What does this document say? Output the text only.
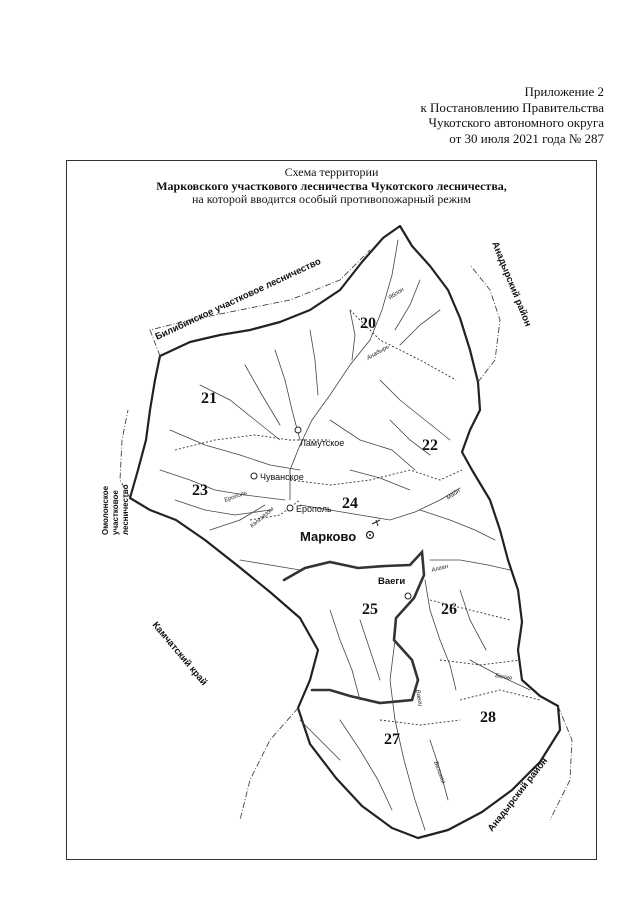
Приложение 2
к Постановлению Правительства
Чукотского автономного округа
от 30 июля 2021 года № 287
Схема территории
Марковского участкового лесничества Чукотского лесничества,
на которой вводится особый противопожарный режим
Билибинское участковое лесничество	Анадырский район
Омолонское участковое лесничество
Камчатский край
Анадырский район
20
21
22
23
24
25	26
27
28
Ламутское
Чуванское
Ерополь
Марково
Ваеги
Анадырь
Майн
Белая
Ерополь
Великая
Алган
Ваеги
Яблон
Кэлгэвээм
